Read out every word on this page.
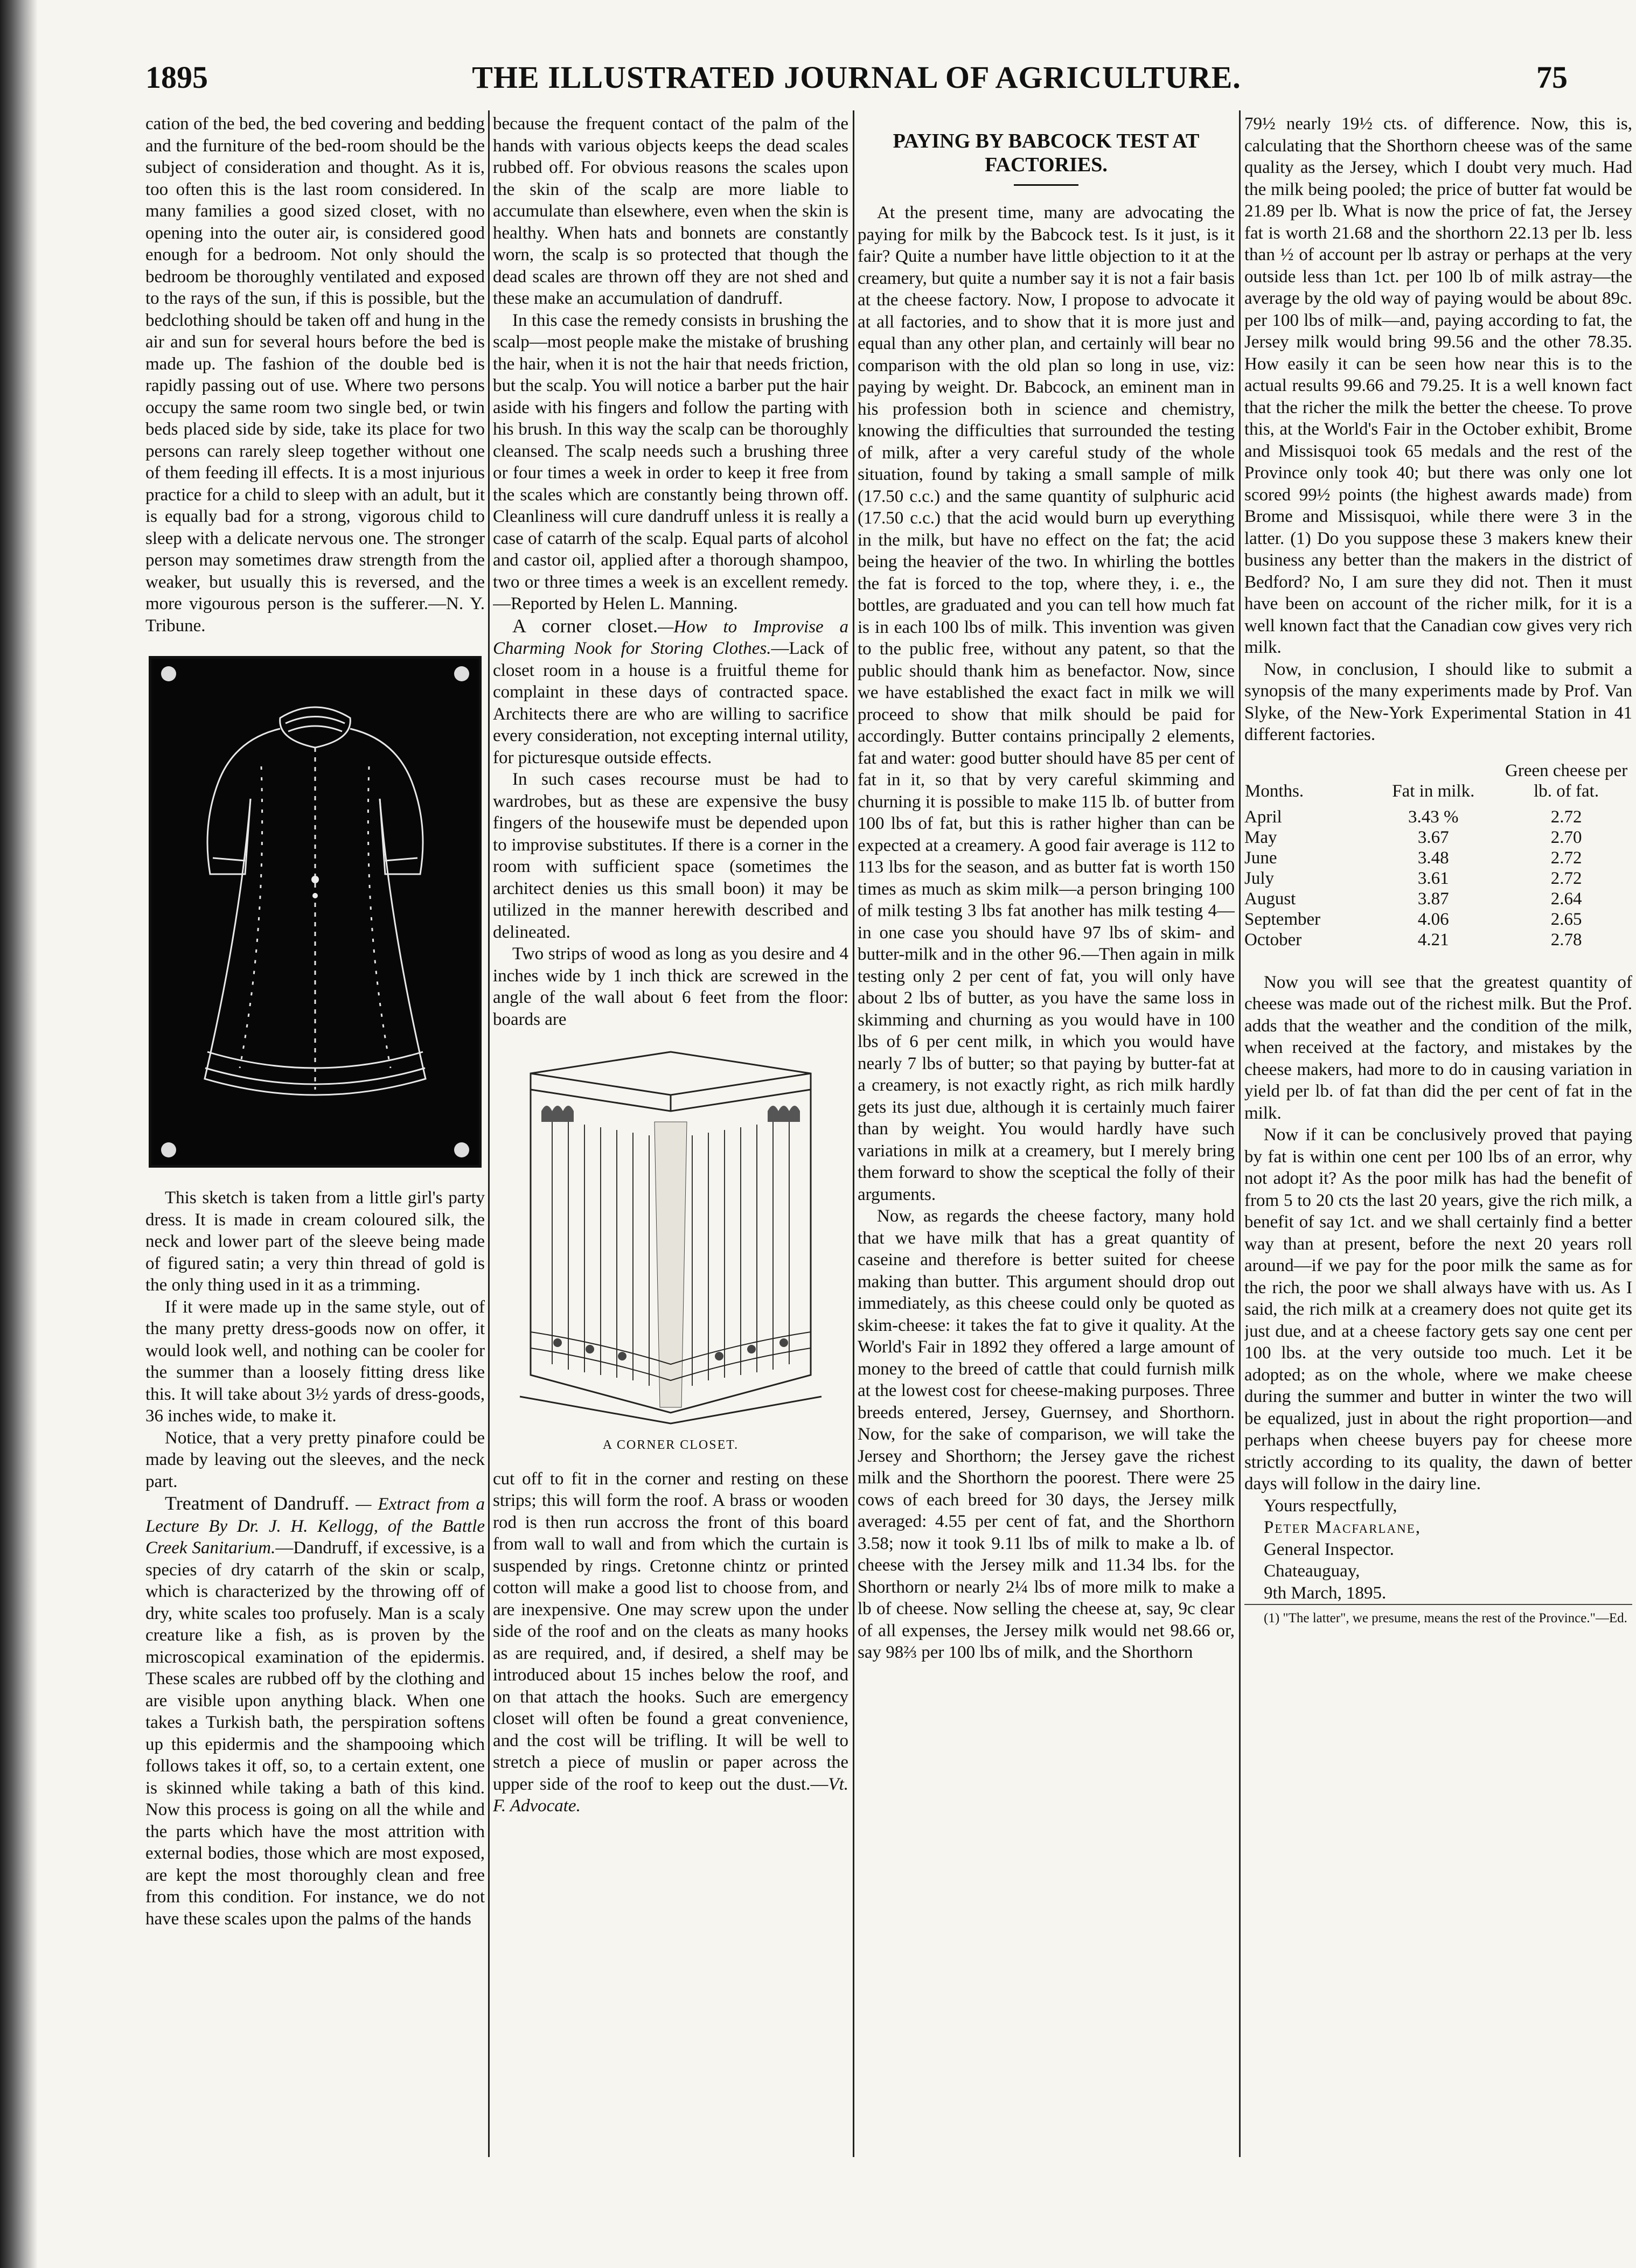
1895	THE ILLUSTRATED JOURNAL OF AGRICULTURE.	75

cation of the bed, the bed covering and bedding and the furniture of the bed-room should be the subject of consideration and thought. As it is, too often this is the last room considered. In many families a good sized closet, with no opening into the outer air, is considered good enough for a bedroom. Not only should the bedroom be thoroughly ventilated and exposed to the rays of the sun, if this is possible, but the bedclothing should be taken off and hung in the air and sun for several hours before the bed is made up. The fashion of the double bed is rapidly passing out of use. Where two persons occupy the same room two single bed, or twin beds placed side by side, take its place for two persons can rarely sleep together without one of them feeding ill effects. It is a most injurious practice for a child to sleep with an adult, but it is equally bad for a strong, vigorous child to sleep with a delicate nervous one. The stronger person may sometimes draw strength from the weaker, but usually this is reversed, and the more vigourous person is the sufferer.—N. Y. Tribune.

This sketch is taken from a little girl's party dress. It is made in cream coloured silk, the neck and lower part of the sleeve being made of figured satin; a very thin thread of gold is the only thing used in it as a trimming.

If it were made up in the same style, out of the many pretty dress-goods now on offer, it would look well, and nothing can be cooler for the summer than a loosely fitting dress like this. It will take about 3½ yards of dress-goods, 36 inches wide, to make it.

Notice, that a very pretty pinafore could be made by leaving out the sleeves, and the neck part.

Treatment of Dandruff. — Extract from a Lecture By Dr. J. H. Kellogg, of the Battle Creek Sanitarium.—Dandruff, if excessive, is a species of dry catarrh of the skin or scalp, which is characterized by the throwing off of dry, white scales too profusely. Man is a scaly creature like a fish, as is proven by the microscopical examination of the epidermis. These scales are rubbed off by the clothing and are visible upon anything black. When one takes a Turkish bath, the perspiration softens up this epidermis and the shampooing which follows takes it off, so, to a certain extent, one is skinned while taking a bath of this kind. Now this process is going on all the while and the parts which have the most attrition with external bodies, those which are most exposed, are kept the most thoroughly clean and free from this condition. For instance, we do not have these scales upon the palms of the hands

because the frequent contact of the palm of the hands with various objects keeps the dead scales rubbed off. For obvious reasons the scales upon the skin of the scalp are more liable to accumulate than elsewhere, even when the skin is healthy. When hats and bonnets are constantly worn, the scalp is so protected that though the dead scales are thrown off they are not shed and these make an accumulation of dandruff.

In this case the remedy consists in brushing the scalp—most people make the mistake of brushing the hair, when it is not the hair that needs friction, but the scalp. You will notice a barber put the hair aside with his fingers and follow the parting with his brush. In this way the scalp can be thoroughly cleansed. The scalp needs such a brushing three or four times a week in order to keep it free from the scales which are constantly being thrown off. Cleanliness will cure dandruff unless it is really a case of catarrh of the scalp. Equal parts of alcohol and castor oil, applied after a thorough shampoo, two or three times a week is an excellent remedy.—Reported by Helen L. Manning.

A corner closet.—How to Improvise a Charming Nook for Storing Clothes.—Lack of closet room in a house is a fruitful theme for complaint in these days of contracted space. Architects there are who are willing to sacrifice every consideration, not excepting internal utility, for picturesque outside effects.

In such cases recourse must be had to wardrobes, but as these are expensive the busy fingers of the housewife must be depended upon to improvise substitutes. If there is a corner in the room with sufficient space (sometimes the architect denies us this small boon) it may be utilized in the manner herewith described and delineated.

Two strips of wood as long as you desire and 4 inches wide by 1 inch thick are screwed in the angle of the wall about 6 feet from the floor: boards are

A CORNER CLOSET.

cut off to fit in the corner and resting on these strips; this will form the roof. A brass or wooden rod is then run accross the front of this board from wall to wall and from which the curtain is suspended by rings. Cretonne chintz or printed cotton will make a good list to choose from, and are inexpensive. One may screw upon the under side of the roof and on the cleats as many hooks as are required, and, if desired, a shelf may be introduced about 15 inches below the roof, and on that attach the hooks. Such are emergency closet will often be found a great convenience, and the cost will be trifling. It will be well to stretch a piece of muslin or paper across the upper side of the roof to keep out the dust.—Vt. F. Advocate.

PAYING BY BABCOCK TEST AT FACTORIES.

At the present time, many are advocating the paying for milk by the Babcock test. Is it just, is it fair? Quite a number have little objection to it at the creamery, but quite a number say it is not a fair basis at the cheese factory. Now, I propose to advocate it at all factories, and to show that it is more just and equal than any other plan, and certainly will bear no comparison with the old plan so long in use, viz: paying by weight. Dr. Babcock, an eminent man in his profession both in science and chemistry, knowing the difficulties that surrounded the testing of milk, after a very careful study of the whole situation, found by taking a small sample of milk (17.50 c.c.) and the same quantity of sulphuric acid (17.50 c.c.) that the acid would burn up everything in the milk, but have no effect on the fat; the acid being the heavier of the two. In whirling the bottles the fat is forced to the top, where they, i. e., the bottles, are graduated and you can tell how much fat is in each 100 lbs of milk. This invention was given to the public free, without any patent, so that the public should thank him as benefactor. Now, since we have established the exact fact in milk we will proceed to show that milk should be paid for accordingly. Butter contains principally 2 elements, fat and water: good butter should have 85 per cent of fat in it, so that by very careful skimming and churning it is possible to make 115 lb. of butter from 100 lbs of fat, but this is rather higher than can be expected at a creamery. A good fair average is 112 to 113 lbs for the season, and as butter fat is worth 150 times as much as skim milk—a person bringing 100 of milk testing 3 lbs fat another has milk testing 4—in one case you should have 97 lbs of skim- and butter-milk and in the other 96.—Then again in milk testing only 2 per cent of fat, you will only have about 2 lbs of butter, as you have the same loss in skimming and churning as you would have in 100 lbs of 6 per cent milk, in which you would have nearly 7 lbs of butter; so that paying by butter-fat at a creamery, is not exactly right, as rich milk hardly gets its just due, although it is certainly much fairer than by weight. You would hardly have such variations in milk at a creamery, but I merely bring them forward to show the sceptical the folly of their arguments.

Now, as regards the cheese factory, many hold that we have milk that has a great quantity of caseine and therefore is better suited for cheese making than butter. This argument should drop out immediately, as this cheese could only be quoted as skim-cheese: it takes the fat to give it quality. At the World's Fair in 1892 they offered a large amount of money to the breed of cattle that could furnish milk at the lowest cost for cheese-making purposes. Three breeds entered, Jersey, Guernsey, and Shorthorn. Now, for the sake of comparison, we will take the Jersey and Shorthorn; the Jersey gave the richest milk and the Shorthorn the poorest. There were 25 cows of each breed for 30 days, the Jersey milk averaged: 4.55 per cent of fat, and the Shorthorn 3.58; now it took 9.11 lbs of milk to make a lb. of cheese with the Jersey milk and 11.34 lbs. for the Shorthorn or nearly 2¼ lbs of more milk to make a lb of cheese. Now selling the cheese at, say, 9c clear of all expenses, the Jersey milk would net 98.66 or, say 98⅔ per 100 lbs of milk, and the Shorthorn

79½ nearly 19½ cts. of difference. Now, this is, calculating that the Shorthorn cheese was of the same quality as the Jersey, which I doubt very much. Had the milk being pooled; the price of butter fat would be 21.89 per lb. What is now the price of fat, the Jersey fat is worth 21.68 and the shorthorn 22.13 per lb. less than ½ of account per lb astray or perhaps at the very outside less than 1ct. per 100 lb of milk astray—the average by the old way of paying would be about 89c. per 100 lbs of milk—and, paying according to fat, the Jersey milk would bring 99.56 and the other 78.35. How easily it can be seen how near this is to the actual results 99.66 and 79.25. It is a well known fact that the richer the milk the better the cheese. To prove this, at the World's Fair in the October exhibit, Brome and Missisquoi took 65 medals and the rest of the Province only took 40; but there was only one lot scored 99½ points (the highest awards made) from Brome and Missisquoi, while there were 3 in the latter. (1) Do you suppose these 3 makers knew their business any better than the makers in the district of Bedford? No, I am sure they did not. Then it must have been on account of the richer milk, for it is a well known fact that the Canadian cow gives very rich milk.

Now, in conclusion, I should like to submit a synopsis of the many experiments made by Prof. Van Slyke, of the New-York Experimental Station in 41 different factories.

Months.	Fat in milk.	Green cheese per lb. of fat.
April	3.43 %	2.72
May	3.67	2.70
June	3.48	2.72
July	3.61	2.72
August	3.87	2.64
September	4.06	2.65
October	4.21	2.78

Now you will see that the greatest quantity of cheese was made out of the richest milk. But the Prof. adds that the weather and the condition of the milk, when received at the factory, and mistakes by the cheese makers, had more to do in causing variation in yield per lb. of fat than did the per cent of fat in the milk.

Now if it can be conclusively proved that paying by fat is within one cent per 100 lbs of an error, why not adopt it? As the poor milk has had the benefit of from 5 to 20 cts the last 20 years, give the rich milk, a benefit of say 1ct. and we shall certainly find a better way than at present, before the next 20 years roll around—if we pay for the poor milk the same as for the rich, the poor we shall always have with us. As I said, the rich milk at a creamery does not quite get its just due, and at a cheese factory gets say one cent per 100 lbs. at the very outside too much. Let it be adopted; as on the whole, where we make cheese during the summer and butter in winter the two will be equalized, just in about the right proportion—and perhaps when cheese buyers pay for cheese more strictly according to its quality, the dawn of better days will follow in the dairy line.

Yours respectfully,

Peter Macfarlane,

General Inspector.

Chateauguay,

9th March, 1895.

(1) "The latter", we presume, means the rest of the Province."—Ed.
